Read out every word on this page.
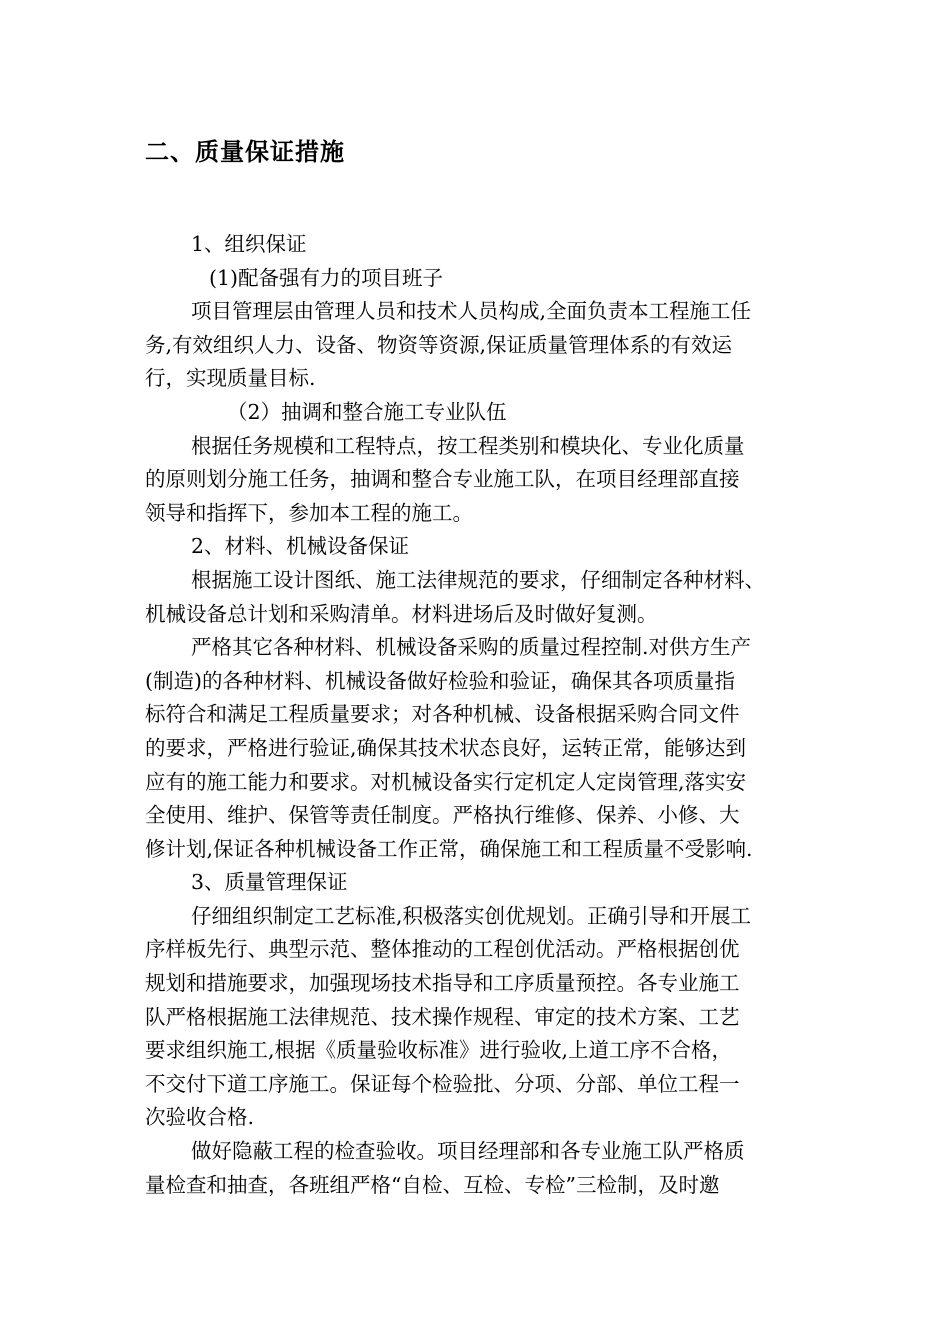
二、质量保证措施
1、组织保证
(1)配备强有力的项目班子
项目管理层由管理人员和技术人员构成,全面负责本工程施工任
务,有效组织人力、设备、物资等资源,保证质量管理体系的有效运
行，实现质量目标.
（2）抽调和整合施工专业队伍
根据任务规模和工程特点，按工程类别和模块化、专业化质量
的原则划分施工任务，抽调和整合专业施工队，在项目经理部直接
领导和指挥下，参加本工程的施工。
2、材料、机械设备保证
根据施工设计图纸、施工法律规范的要求，仔细制定各种材料、
机械设备总计划和采购清单。材料进场后及时做好复测。
严格其它各种材料、机械设备采购的质量过程控制.对供方生产
(制造)的各种材料、机械设备做好检验和验证，确保其各项质量指
标符合和满足工程质量要求；对各种机械、设备根据采购合同文件
的要求，严格进行验证,确保其技术状态良好，运转正常，能够达到
应有的施工能力和要求。对机械设备实行定机定人定岗管理,落实安
全使用、维护、保管等责任制度。严格执行维修、保养、小修、大
修计划,保证各种机械设备工作正常，确保施工和工程质量不受影响.
3、质量管理保证
仔细组织制定工艺标准,积极落实创优规划。正确引导和开展工
序样板先行、典型示范、整体推动的工程创优活动。严格根据创优
规划和措施要求，加强现场技术指导和工序质量预控。各专业施工
队严格根据施工法律规范、技术操作规程、审定的技术方案、工艺
要求组织施工,根据《质量验收标准》进行验收,上道工序不合格，
不交付下道工序施工。保证每个检验批、分项、分部、单位工程一
次验收合格.
做好隐蔽工程的检查验收。项目经理部和各专业施工队严格质
量检查和抽查，各班组严格“自检、互检、专检”三检制，及时邀
